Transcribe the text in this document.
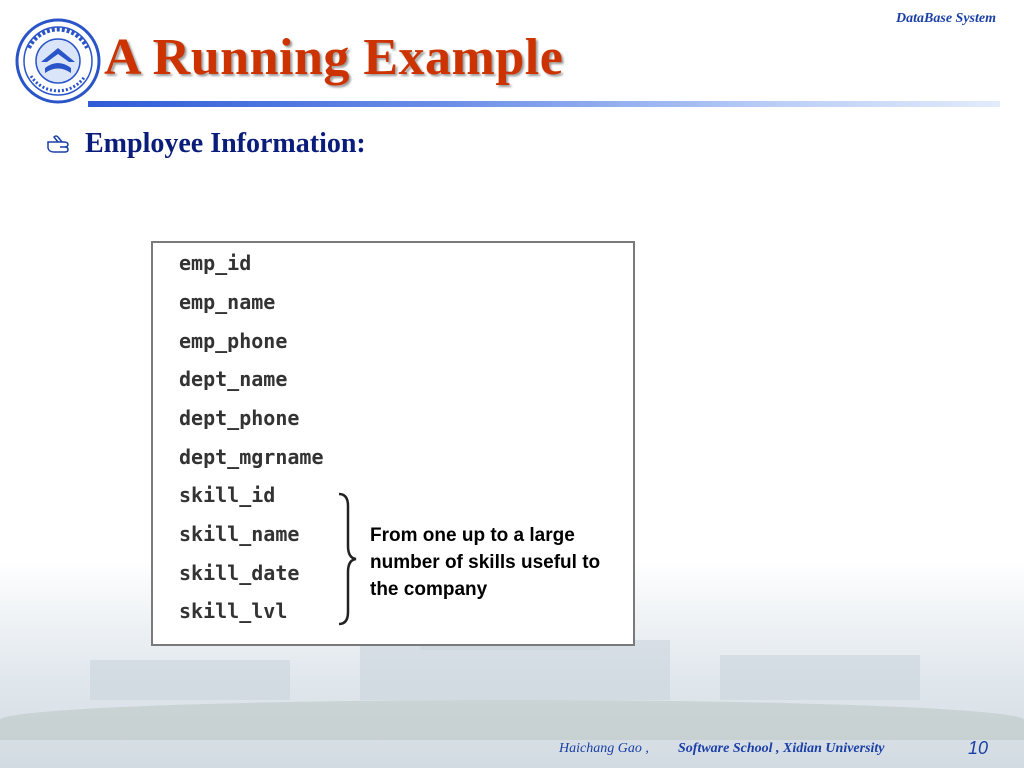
A Running Example
DataBase System
Employee Information:
emp_id
emp_name
emp_phone
dept_name
dept_phone
dept_mgrname
skill_id
skill_name
skill_date
skill_lvl
From one up to a large number of skills useful to the company
Haichang Gao , Software School , Xidian University	10
